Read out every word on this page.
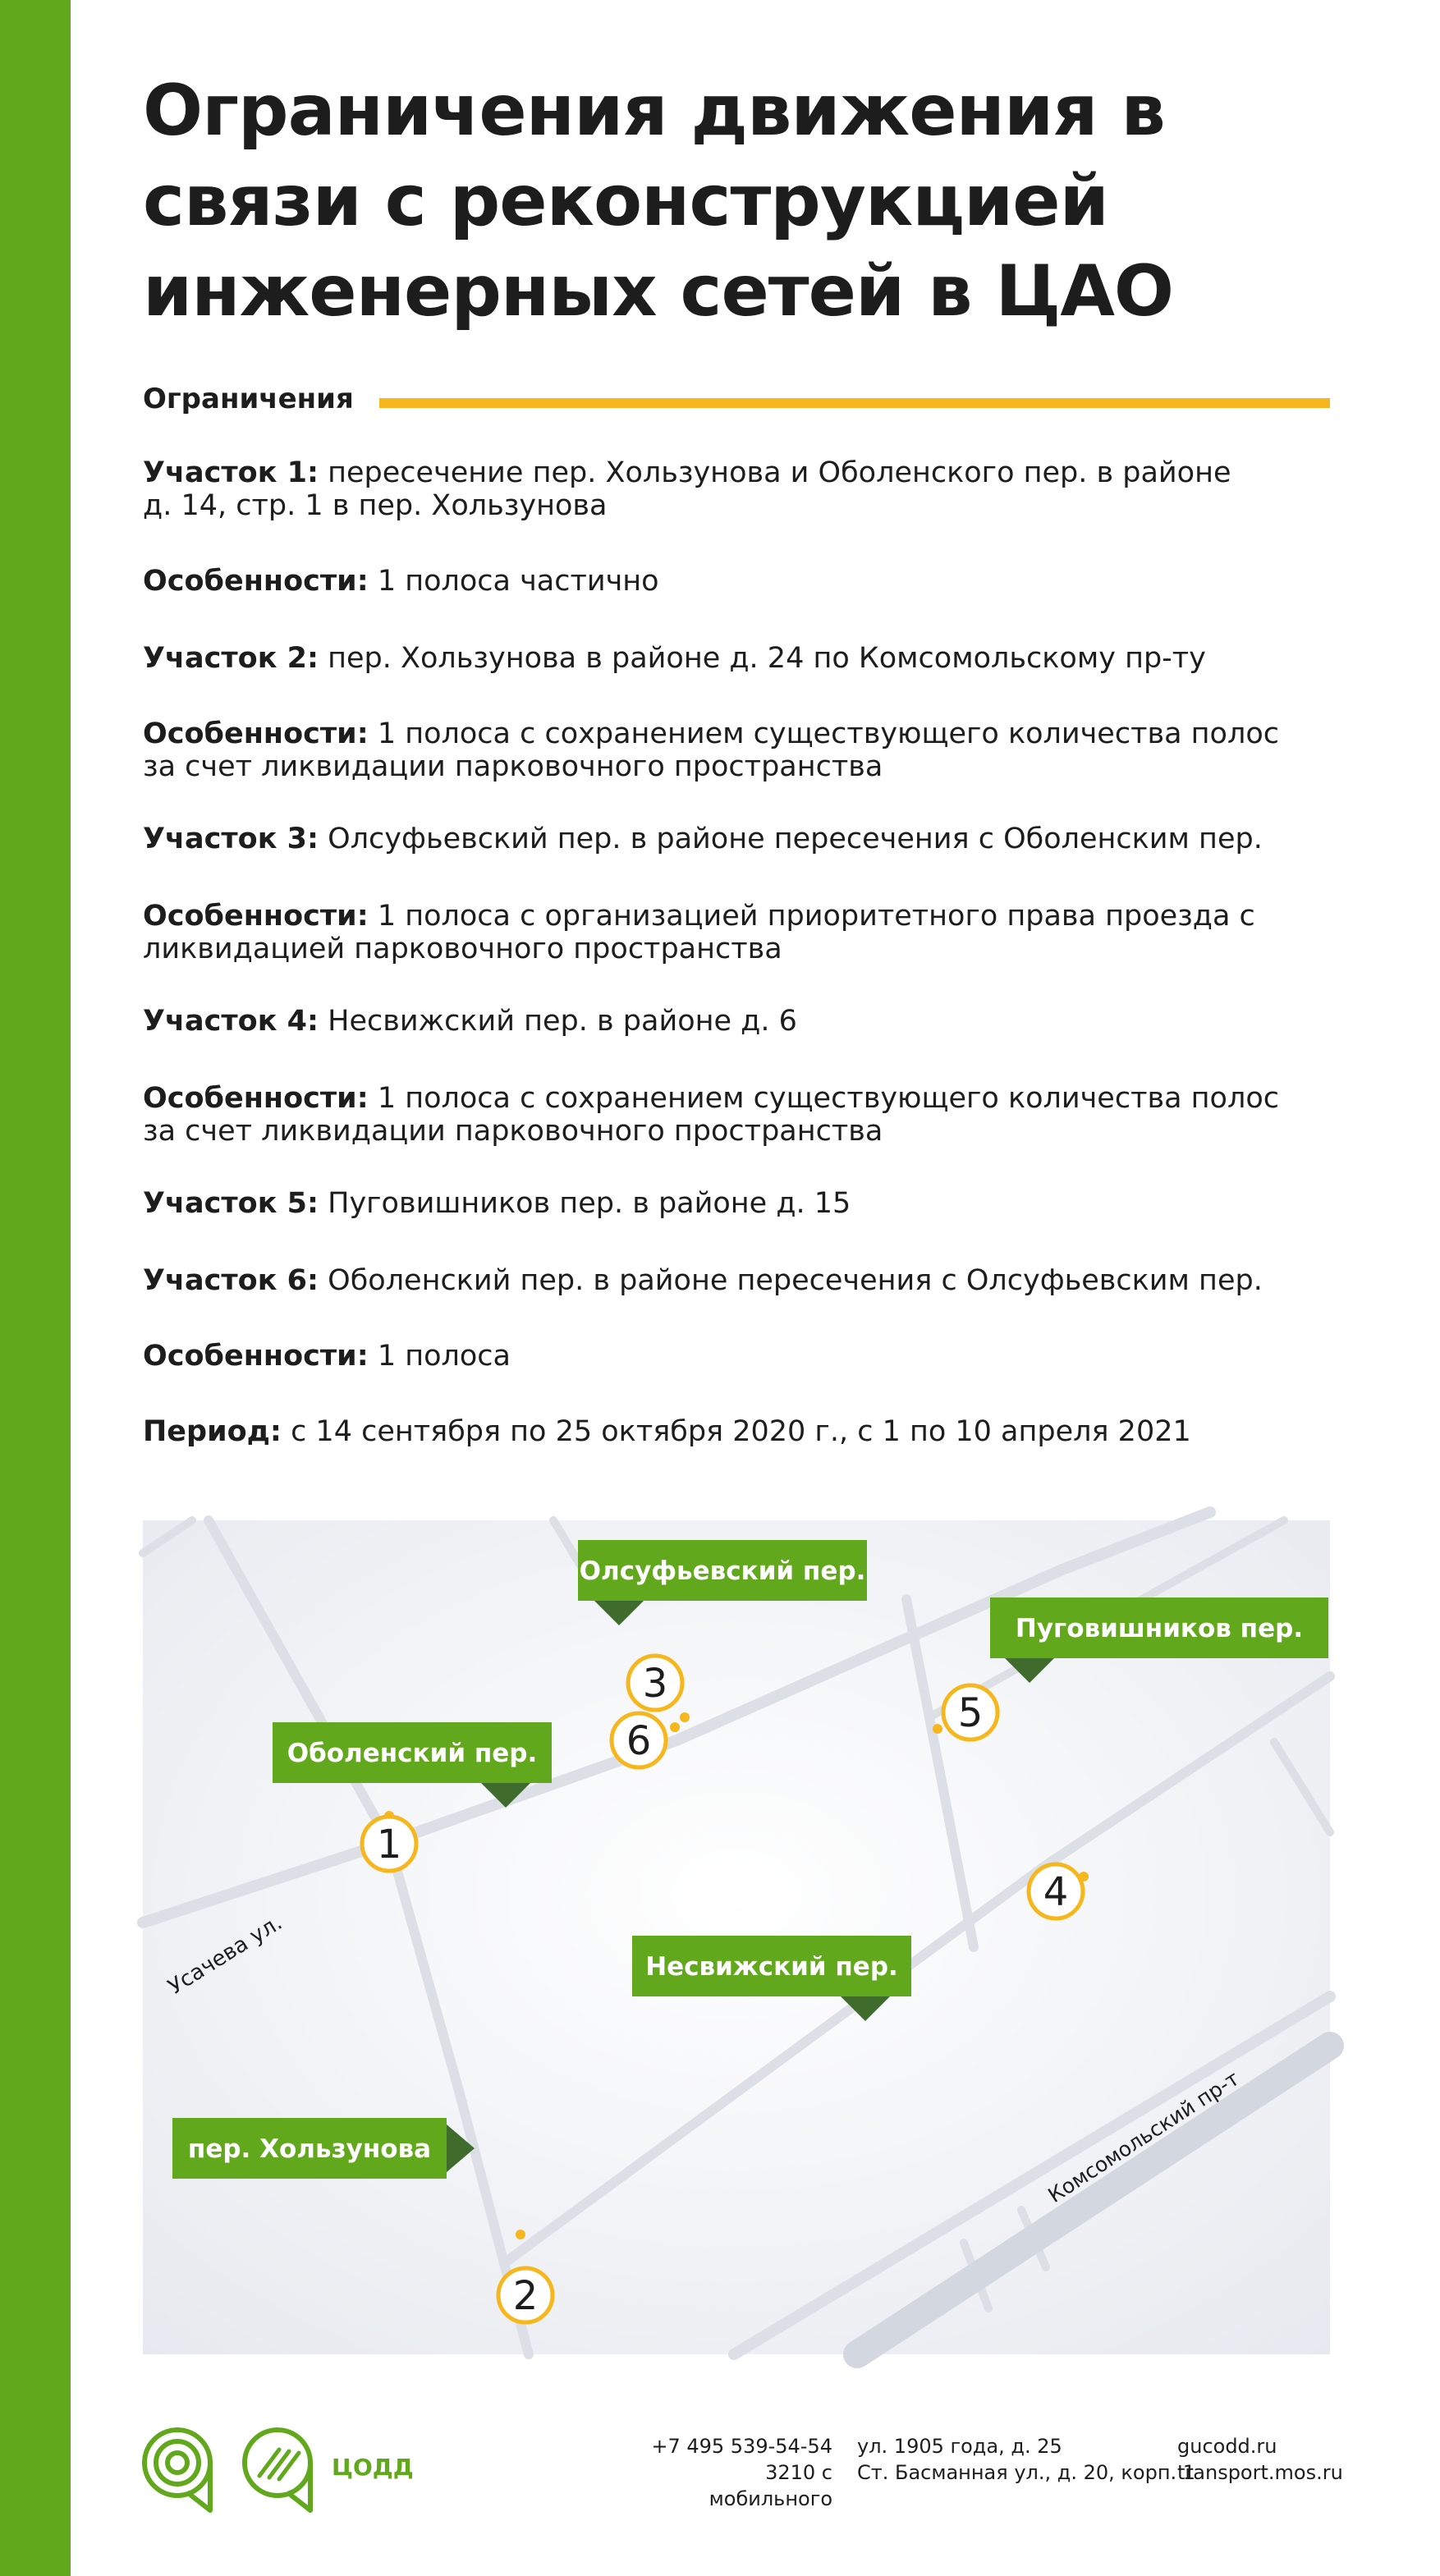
Ограничения движения в
связи с реконструкцией
инженерных сетей в ЦАО
Ограничения
Участок 1: пересечение пер. Хользунова и Оболенского пер. в районе
д. 14, стр. 1 в пер. Хользунова
Особенности: 1 полоса частично
Участок 2: пер. Хользунова в районе д. 24 по Комсомольскому пр-ту
Особенности: 1 полоса с сохранением существующего количества полос
за счет ликвидации парковочного пространства
Участок 3: Олсуфьевский пер. в районе пересечения с Оболенским пер.
Особенности: 1 полоса с организацией приоритетного права проезда с
ликвидацией парковочного пространства
Участок 4: Несвижский пер. в районе д. 6
Особенности: 1 полоса с сохранением существующего количества полос
за счет ликвидации парковочного пространства
Участок 5: Пуговишников пер. в районе д. 15
Участок 6: Оболенский пер. в районе пересечения с Олсуфьевским пер.
Особенности: 1 полоса
Период: с 14 сентября по 25 октября 2020 г., с 1 по 10 апреля 2021
Усачева ул.
Комсомольский пр-т
Олсуфьевский пер.
Пуговишников пер.
Оболенский пер.
Несвижский пер.
пер. Хользунова
1
2
3
4
5
6
ЦОДД
+7 495 539-54-54
3210 с мобильного
ул. 1905 года, д. 25
Ст. Басманная ул., д. 20, корп. 1
gucodd.ru
transport.mos.ru
